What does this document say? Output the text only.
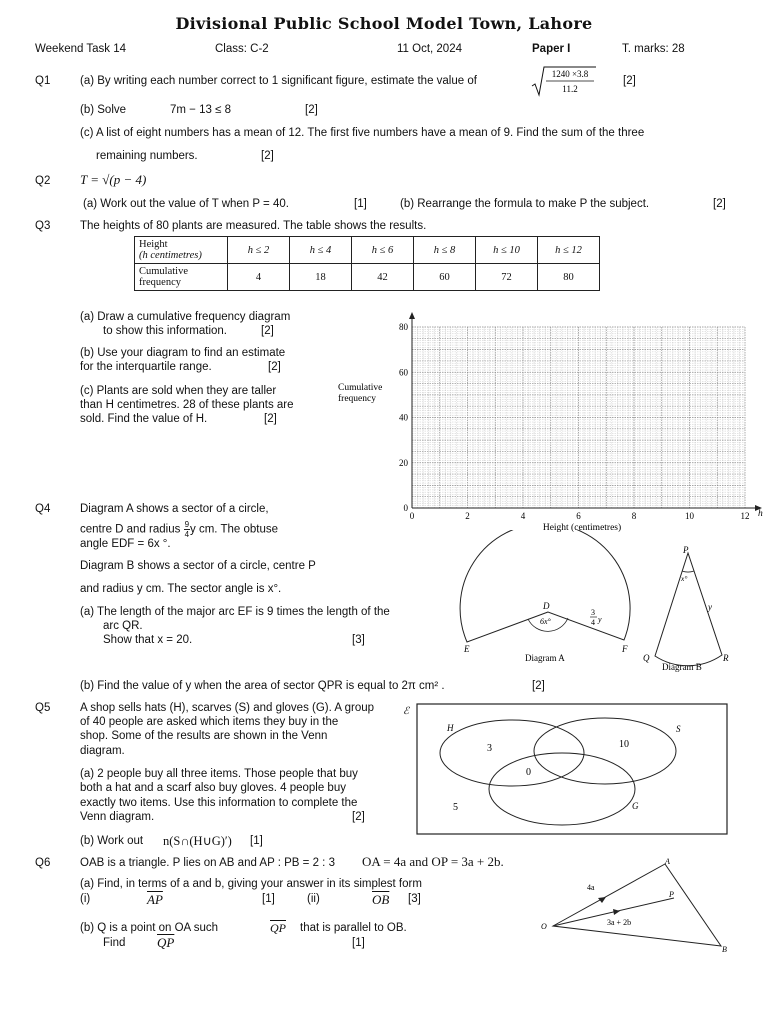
Divisional Public School Model Town, Lahore
Weekend Task 14	Class: C-2	11 Oct, 2024	Paper I	T. marks: 28
Q1	(a) By writing each number correct to 1 significant figure, estimate the value of
1240 ×3.8
11.2
[2]
(b) Solve	7m − 13 ≤ 8	[2]
(c) A list of eight numbers has a mean of 12. The first five numbers have a mean of 9. Find the sum of the three
remaining numbers.	[2]
Q2 T = √(p − 4)
(a) Work out the value of T when P = 40.	[1]	(b) Rearrange the formula to make P the subject.	[2]
Q3	The heights of 80 plants are measured. The table shows the results.
Height
(h centimetres)	h ≤ 2	h ≤ 4	h ≤ 6	h ≤ 8	h ≤ 10	h ≤ 12
Cumulative
frequency	4	18	42	60	72	80
(a) Draw a cumulative frequency diagram
to show this information.	[2]
(b) Use your diagram to find an estimate
for the interquartile range.	[2]
(c) Plants are sold when they are taller
than H centimetres. 28 of these plants are
sold. Find the value of H.	[2]
0
20
40
60
80
0	2	4	6	8	10	12
Cumulative
frequency
Height (centimetres)
h
Q4	Diagram A shows a sector of a circle,
centre D and radius $\frac{9}{4}y$ cm. The obtuse
angle EDF = 6x °.
Diagram B shows a sector of a circle, centre P
and radius y cm. The sector angle is x°.
(a) The length of the major arc EF is 9 times the length of the
arc QR.
Show that x = 20.	[3]
(b) Find the value of y when the area of sector QPR is equal to 2π cm² .	[2]
D
E	F
6x°
3
4 y
Diagram A
P
x°
y
Q	R
Diagram B
Q5	A shop sells hats (H), scarves (S) and gloves (G). A group
of 40 people are asked which items they buy in the
shop. Some of the results are shown in the Venn
diagram.
(a) 2 people buy all three items. Those people that buy
both a hat and a scarf also buy gloves. 4 people buy
exactly two items. Use this information to complete the
Venn diagram.	[2]
(b) Work out n(S∩(H∪G)′) [1]
ℰ
H	S
G
3	10
0
5
Q6	OAB is a triangle. P lies on AB and AP : PB = 2 : 3 OA = 4a and OP = 3a + 2b.
(a) Find, in terms of a and b, giving your answer in its simplest form
(i)	$\overline{AP}$	[1]	(ii)	$\overline{OB}$ [3]
(b) Q is a point on OA such	$\overline{QP}$ that is parallel to OB.
Find $\overline{QP}$	[1]
A
P
O
B
4a
3a + 2b
